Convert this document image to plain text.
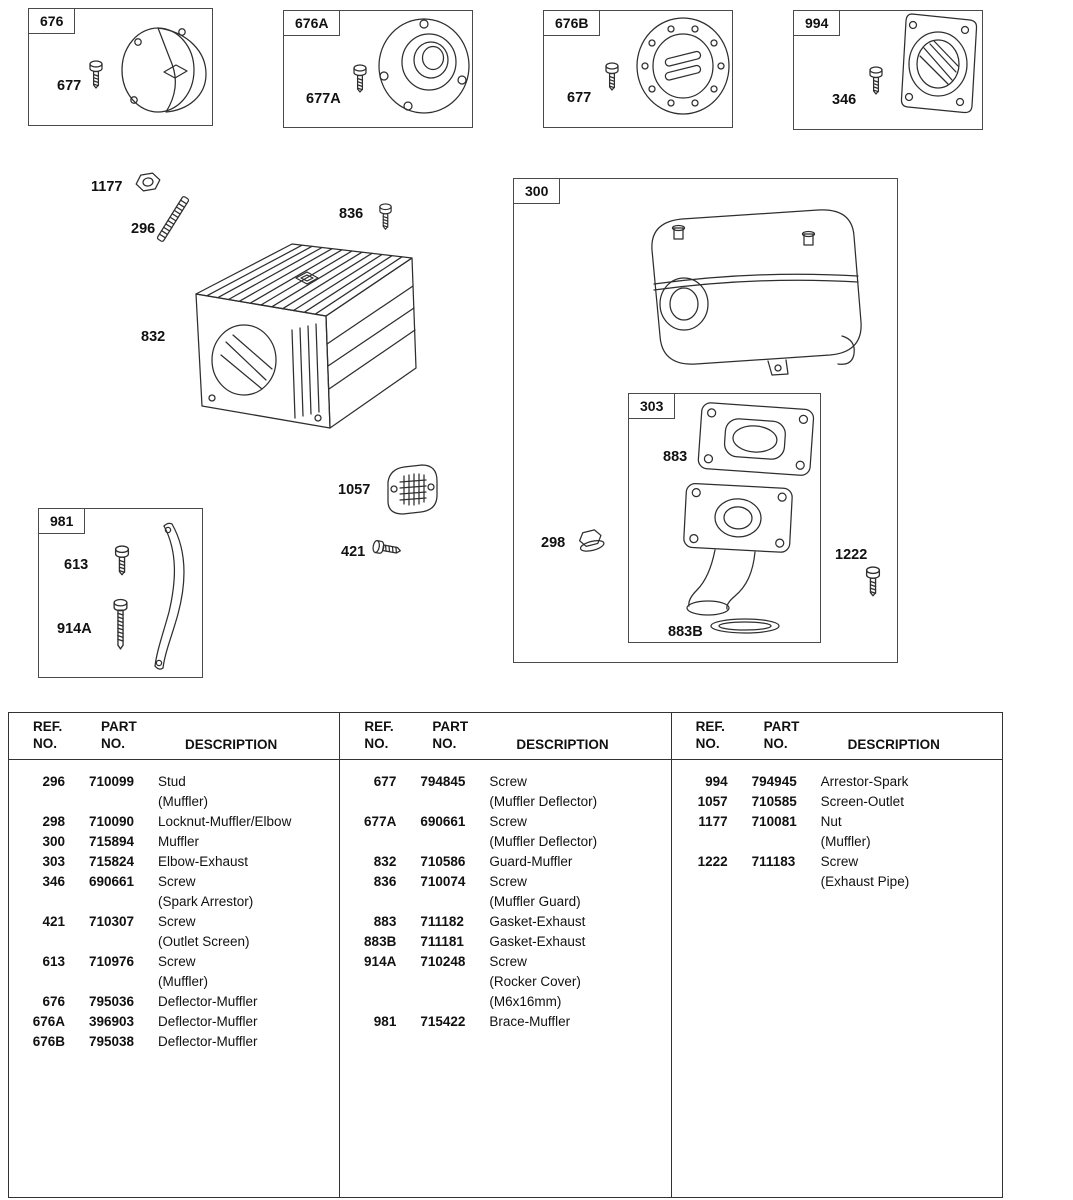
676	676A	676B	994
677
677A	677	346
1177
296
836
832
1057
421
300
303
883
883B
298
1222
981
613
914A
REF.
NO.
PART
NO.	DESCRIPTION
296	710099	Stud
(Muffler)
298	710090	Locknut-Muffler/Elbow
300	715894	Muffler
303	715824	Elbow-Exhaust
346	690661	Screw
(Spark Arrestor)
421	710307	Screw
(Outlet Screen)
613	710976	Screw
(Muffler)
676	795036	Deflector-Muffler
676A	396903	Deflector-Muffler
676B	795038	Deflector-Muffler
REF.
NO.
PART
NO.	DESCRIPTION
677	794845	Screw
(Muffler Deflector)
677A	690661	Screw
(Muffler Deflector)
832	710586	Guard-Muffler
836	710074	Screw
(Muffler Guard)
883	711182	Gasket-Exhaust
883B	711181	Gasket-Exhaust
914A	710248	Screw
(Rocker Cover)
(M6x16mm)
981	715422	Brace-Muffler
REF.
NO.
PART
NO.	DESCRIPTION
994	794945	Arrestor-Spark
1057	710585	Screen-Outlet
1177	710081	Nut
(Muffler)
1222	711183	Screw
(Exhaust Pipe)
